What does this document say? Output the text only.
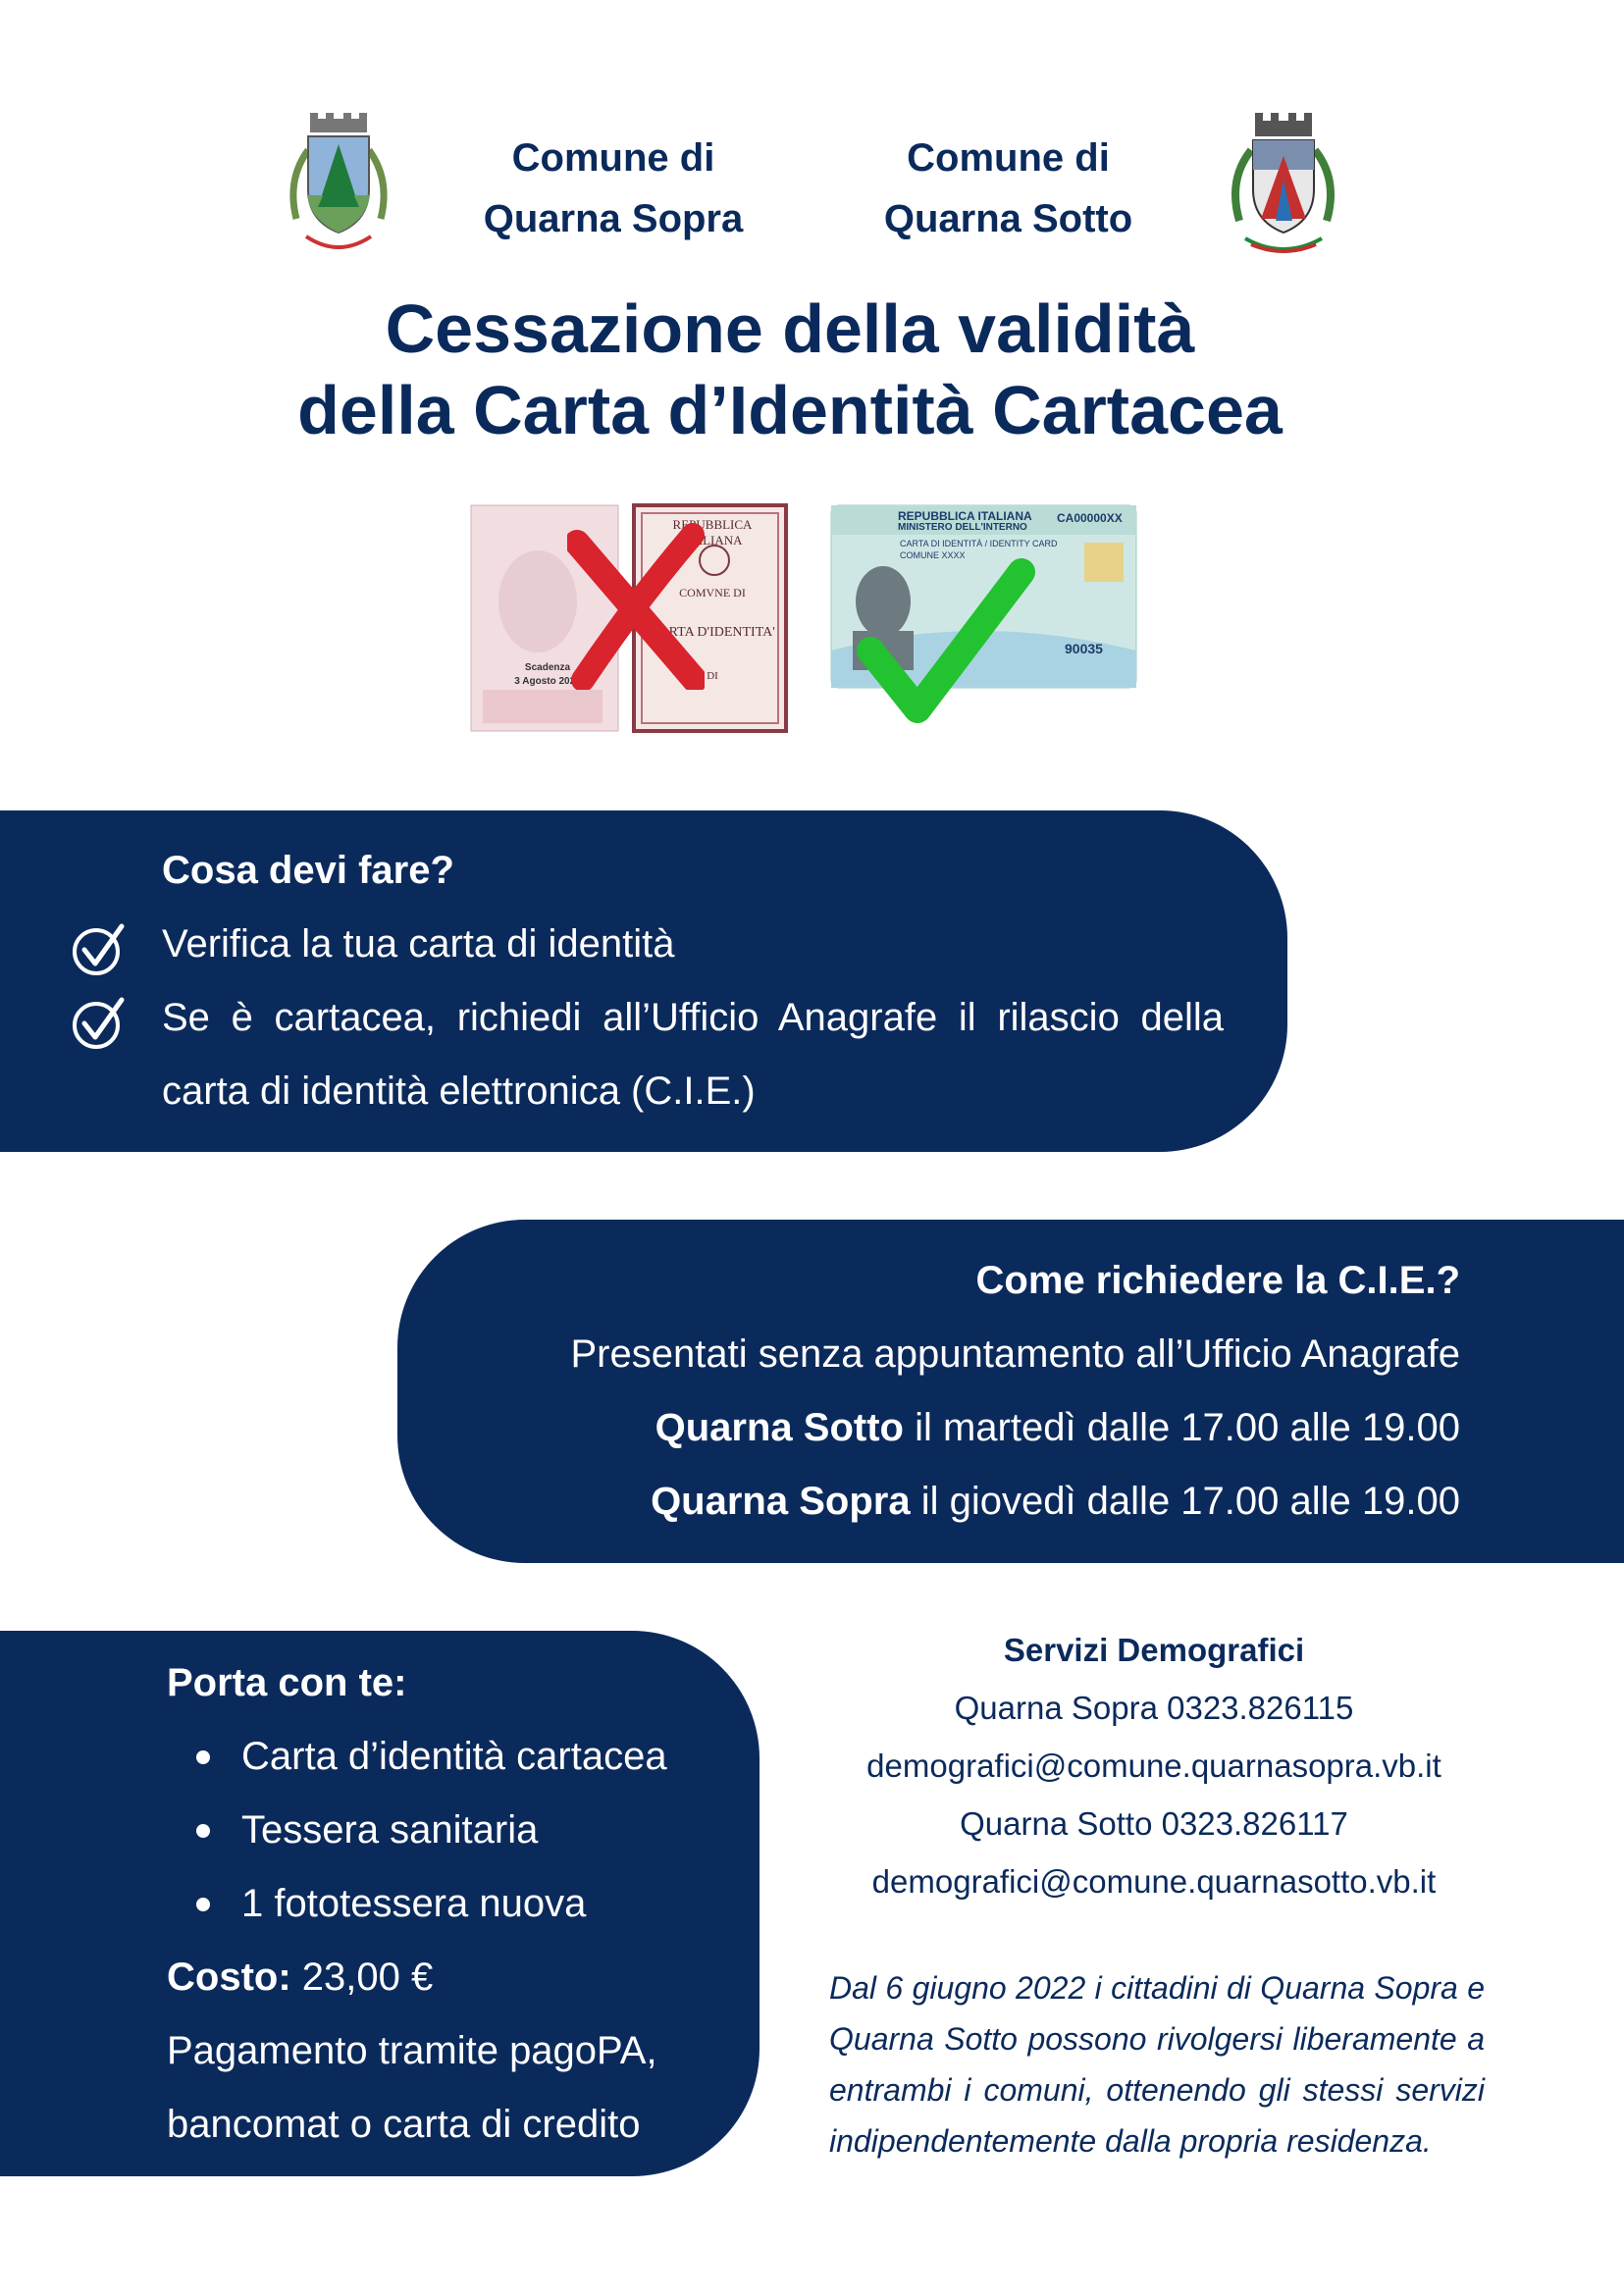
Comune di
Quarna Sopra
Comune di
Quarna Sotto
Cessazione della validità
della Carta d’Identità Cartacea
REPUBBLICA ITALIANA
COMVNE DI
CARTA D'IDENTITA'
DI
Scadenza
3 Agosto 2026
REPUBBLICA ITALIANA
MINISTERO DELL'INTERNO
CA00000XX
CARTA DI IDENTITÀ / IDENTITY CARD
COMUNE XXXX
90035
Cosa devi fare?
Verifica la tua carta di identità
Se è cartacea, richiedi all’Ufficio Anagrafe il rilascio della
carta di identità elettronica (C.I.E.)
Come richiedere la C.I.E.?
Presentati senza appuntamento all’Ufficio Anagrafe
Quarna Sotto il martedì dalle 17.00 alle 19.00
Quarna Sopra il giovedì dalle 17.00 alle 19.00
Porta con te:
Carta d’identità cartacea
Tessera sanitaria
1 fototessera nuova
Costo: 23,00 €
Pagamento tramite pagoPA,
bancomat o carta di credito
Servizi Demografici
Quarna Sopra 0323.826115
demografici@comune.quarnasopra.vb.it
Quarna Sotto 0323.826117
demografici@comune.quarnasotto.vb.it
Dal 6 giugno 2022 i cittadini di Quarna Sopra e
Quarna Sotto possono rivolgersi liberamente a
entrambi i comuni, ottenendo gli stessi servizi
indipendentemente dalla propria residenza.
